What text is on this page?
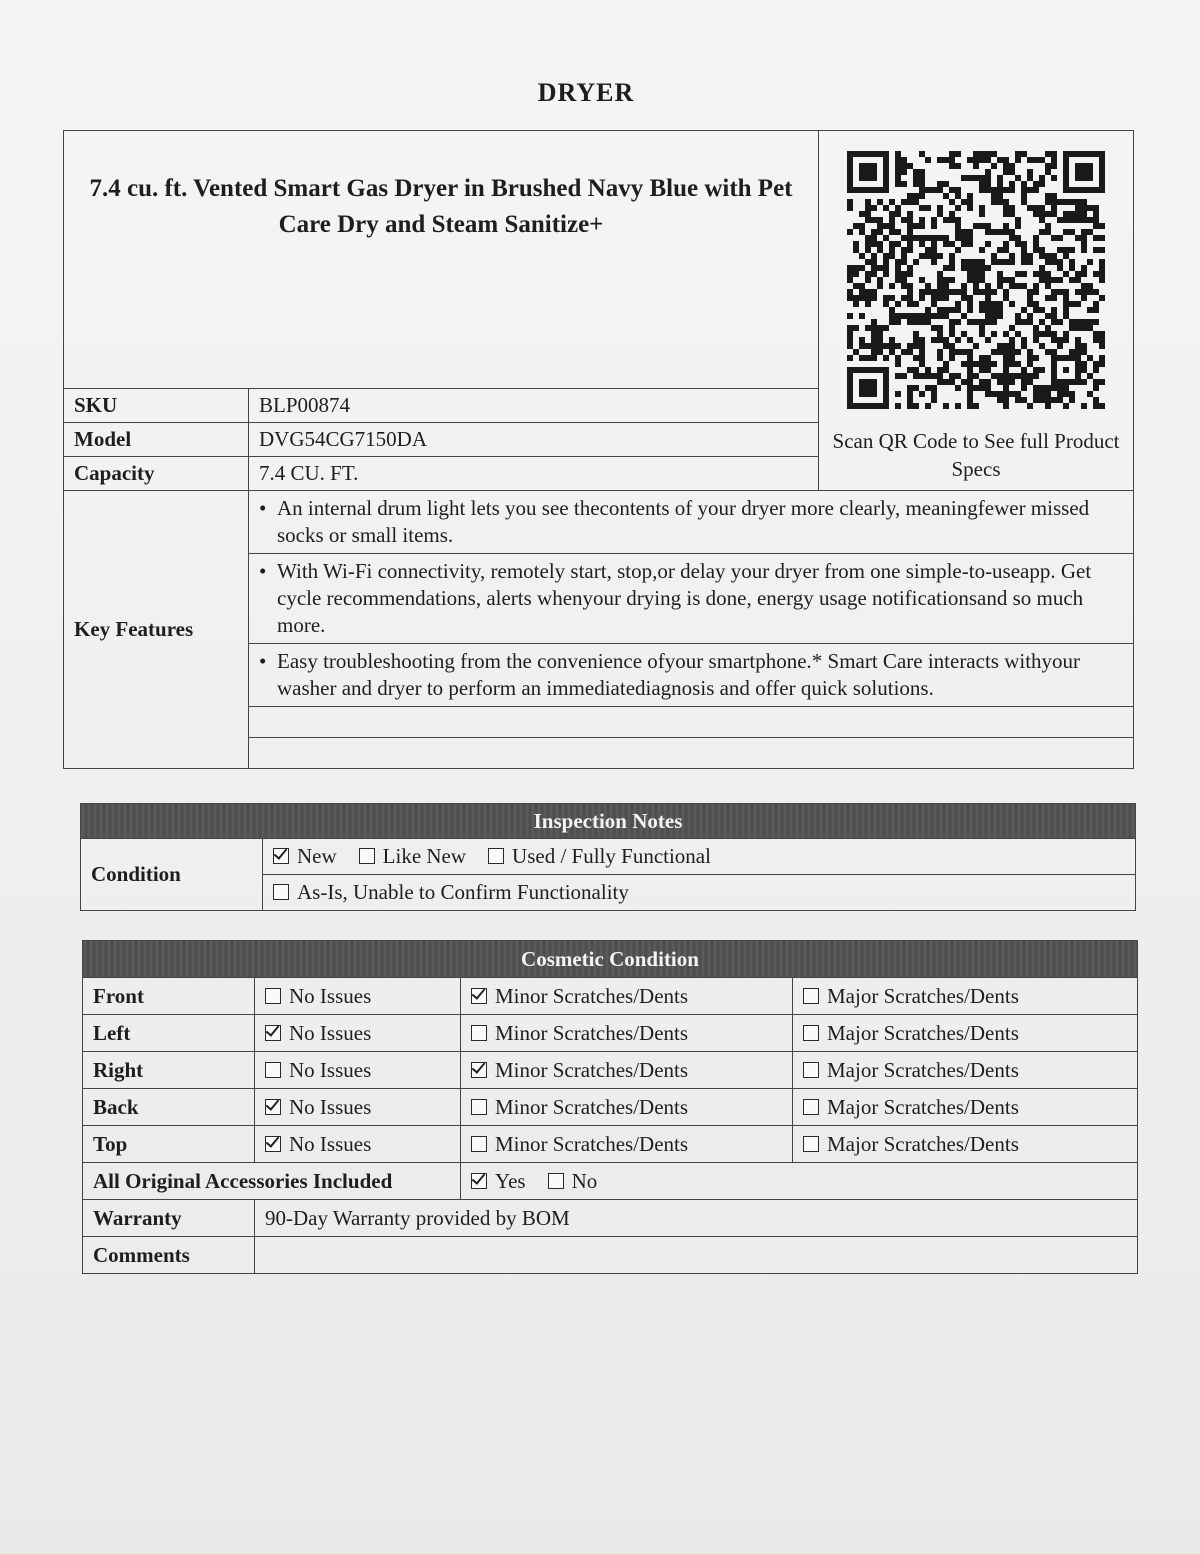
DRYER
7.4 cu. ft. Vented Smart Gas Dryer in Brushed Navy Blue with Pet Care Dry and Steam Sanitize+		Scan QR Code to See full Product Specs

SKU	BLP00874	
Model	DVG54CG7150DA	
Capacity	7.4 CU. FT.	
Key Features	• An internal drum light lets you see thecontents of your dryer more clearly, meaningfewer missed socks or small items.	
	• With Wi-Fi connectivity, remotely start, stop,or delay your dryer from one simple-to-useapp. Get cycle recommendations, alerts whenyour drying is done, energy usage notificationsand so much more.	
	• Easy troubleshooting from the convenience ofyour smartphone.* Smart Care interacts withyour washer and dryer to perform an immediatediagnosis and offer quick solutions.	

Inspection Notes
Condition	New Like New Used / Fully Functional
As-Is, Unable to Confirm Functionality
Cosmetic Condition			
Front	No Issues	Minor Scratches/Dents	Major Scratches/Dents
Left	No Issues	Minor Scratches/Dents	Major Scratches/Dents
Right	No Issues	Minor Scratches/Dents	Major Scratches/Dents
Back	No Issues	Minor Scratches/Dents	Major Scratches/Dents
Top	No Issues	Minor Scratches/Dents	Major Scratches/Dents
All Original Accessories Included		Yes No	
Warranty	90-Day Warranty provided by BOM		
Comments			
